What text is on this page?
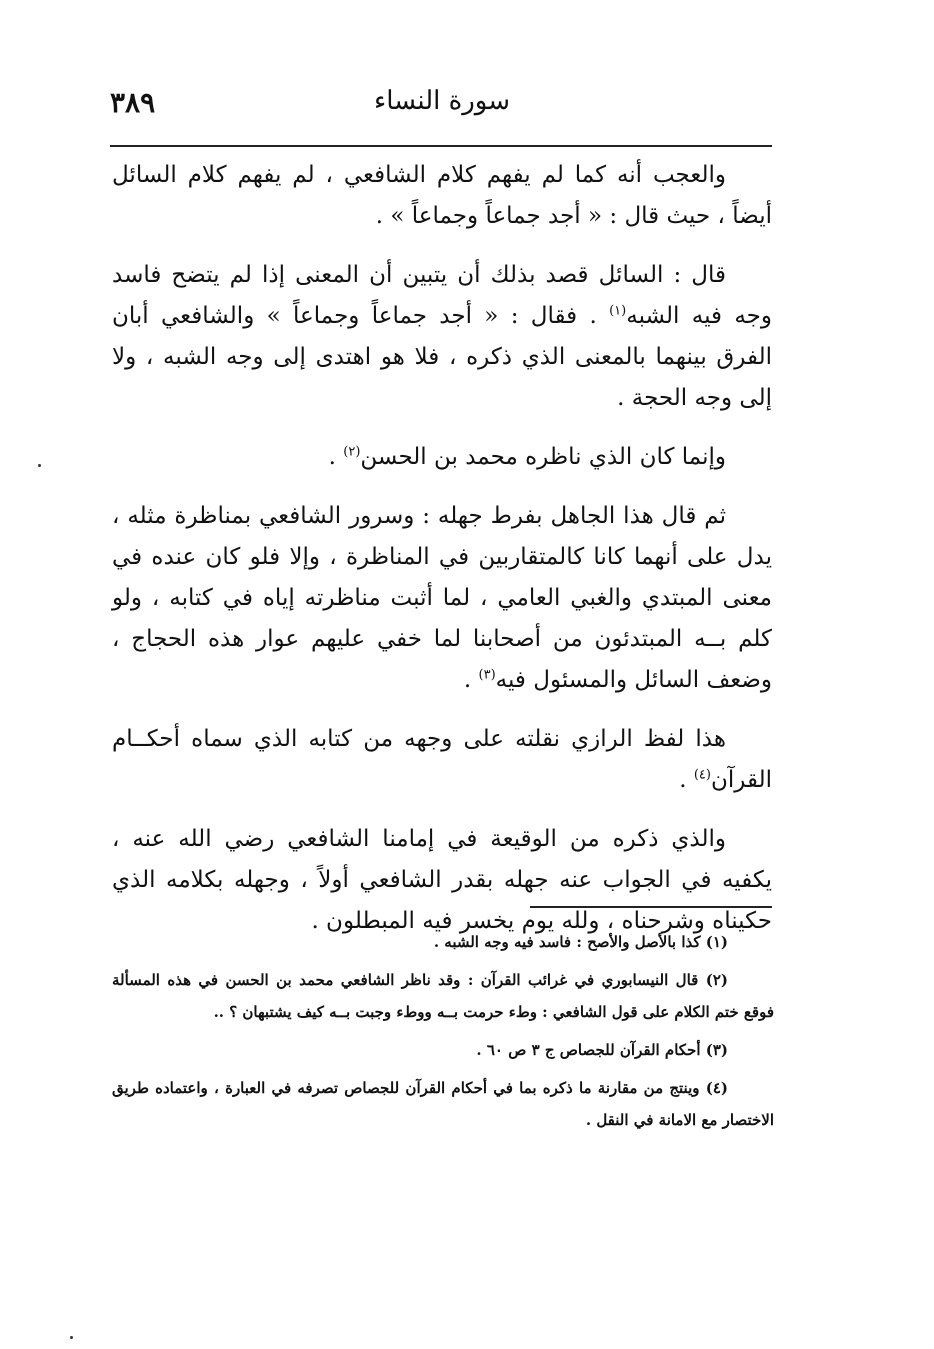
٣٨٩	سورة النساء

والعجب أنه كما لم يفهم كلام الشافعي ، لم يفهم كلام السائل أيضاً ، حيث قال : « أجد جماعاً وجماعاً » .

قال : السائل قصد بذلك أن يتبين أن المعنى إذا لم يتضح فاسد وجه فيه الشبه$^{(١)}$ . فقال : « أجد جماعاً وجماعاً » والشافعي أبان الفرق بينهما بالمعنى الذي ذكره ، فلا هو اهتدى إلى وجه الشبه ، ولا إلى وجه الحجة .

وإنما كان الذي ناظره محمد بن الحسن$^{(٢)}$ .

ثم قال هذا الجاهل بفرط جهله : وسرور الشافعي بمناظرة مثله ، يدل على أنهما كانا كالمتقاربين في المناظرة ، وإلا فلو كان عنده في معنى المبتدي والغبي العامي ، لما أثبت مناظرته إياه في كتابه ، ولو كلم بــه المبتدئون من أصحابنا لما خفي عليهم عوار هذه الحجاج ، وضعف السائل والمسئول فيه$^{(٣)}$ .

هذا لفظ الرازي نقلته على وجهه من كتابه الذي سماه أحكــام القرآن$^{(٤)}$ .

والذي ذكره من الوقيعة في إمامنا الشافعي رضي الله عنه ، يكفيه في الجواب عنه جهله بقدر الشافعي أولاً ، وجهله بكلامه الذي حكيناه وشرحناه ، ولله يوم يخسر فيه المبطلون .

(١) كذا بالأصل والأصح : فاسد فيه وجه الشبه .

(٢) قال النيسابوري في غرائب القرآن : وقد ناظر الشافعي محمد بن الحسن في هذه المسألة فوقع ختم الكلام على قول الشافعي : وطء حرمت بــه ووطء وجبت بــه كيف يشتبهان ؟ ..

(٣) أحكام القرآن للجصاص ج ٣ ص ٦٠ .

(٤) وينتج من مقارنة ما ذكره بما في أحكام القرآن للجصاص تصرفه في العبارة ، واعتماده طريق الاختصار مع الامانة في النقل .
